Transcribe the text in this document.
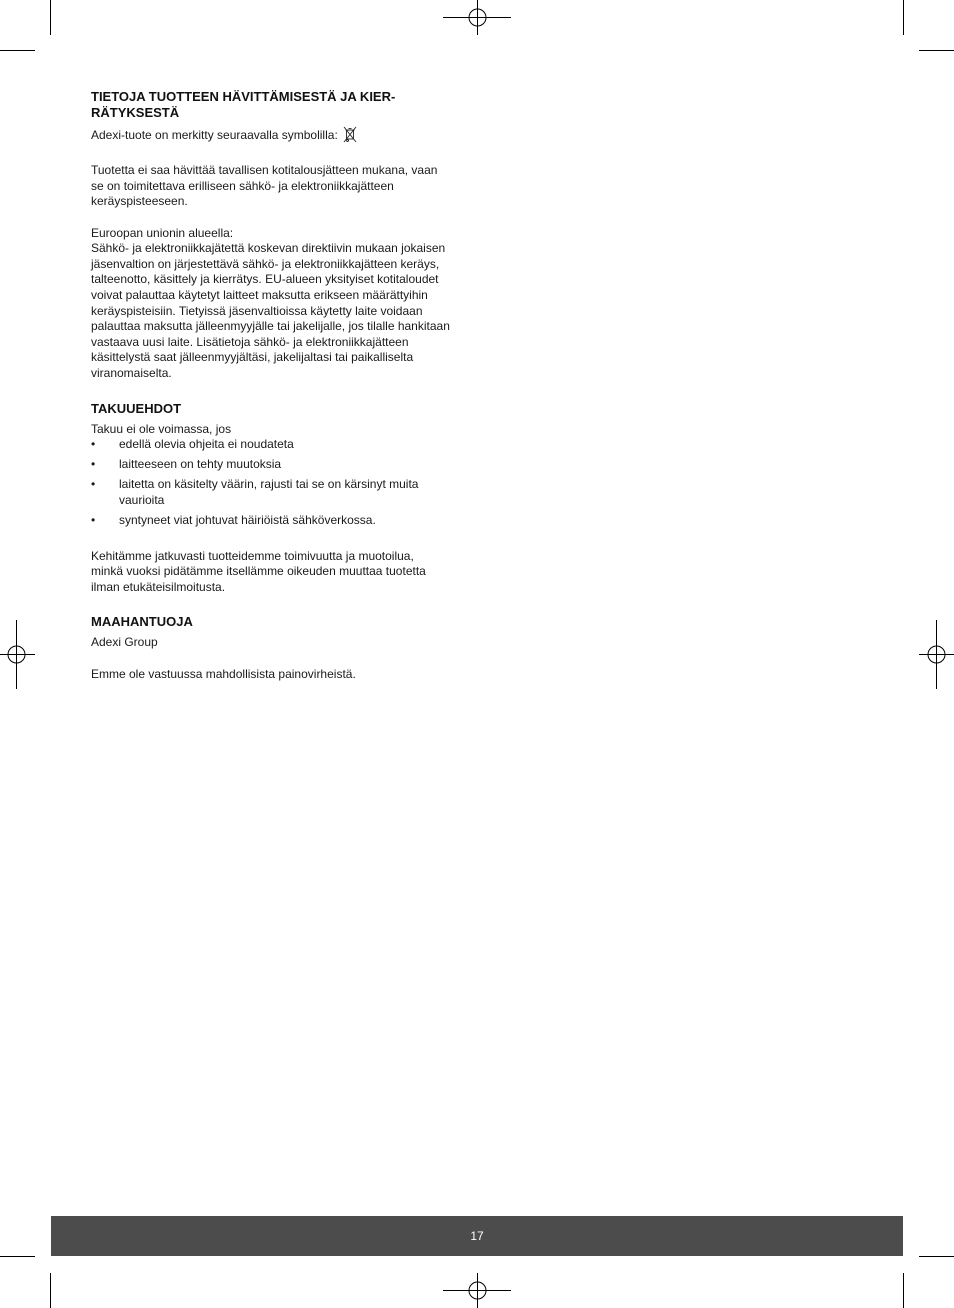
TIETOJA TUOTTEEN HÄVITTÄMISESTÄ JA KIER-
RÄTYKSESTÄ

Adexi-tuote on merkitty seuraavalla symbolilla:

Tuotetta ei saa hävittää tavallisen kotitalousjätteen mukana, vaan
se on toimitettava erilliseen sähkö- ja elektroniikkajätteen
keräyspisteeseen.

Euroopan unionin alueella:
Sähkö- ja elektroniikkajätettä koskevan direktiivin mukaan jokaisen
jäsenvaltion on järjestettävä sähkö- ja elektroniikkajätteen keräys,
talteenotto, käsittely ja kierrätys. EU-alueen yksityiset kotitaloudet
voivat palauttaa käytetyt laitteet maksutta erikseen määrättyihin
keräyspisteisiin. Tietyissä jäsenvaltioissa käytetty laite voidaan
palauttaa maksutta jälleenmyyjälle tai jakelijalle, jos tilalle hankitaan
vastaava uusi laite. Lisätietoja sähkö- ja elektroniikkajätteen
käsittelystä saat jälleenmyyjältäsi, jakelijaltasi tai paikalliselta
viranomaiselta.

TAKUUEHDOT

Takuu ei ole voimassa, jos

• edellä olevia ohjeita ei noudateta
• laitteeseen on tehty muutoksia
• laitetta on käsitelty väärin, rajusti tai se on kärsinyt muita
vaurioita
• syntyneet viat johtuvat häiriöistä sähköverkossa.

Kehitämme jatkuvasti tuotteidemme toimivuutta ja muotoilua,
minkä vuoksi pidätämme itsellämme oikeuden muuttaa tuotetta
ilman etukäteisilmoitusta.

MAAHANTUOJA

Adexi Group

Emme ole vastuussa mahdollisista painovirheistä.

17
